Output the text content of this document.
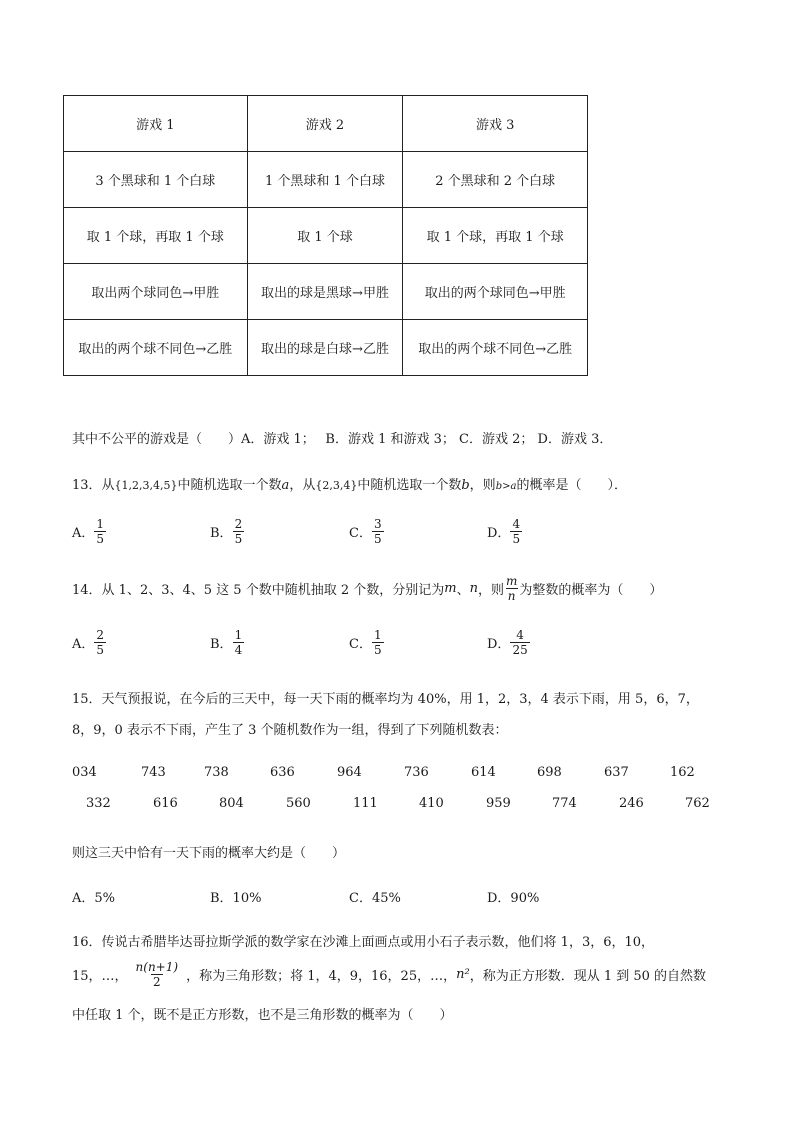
游戏 1	游戏 2	游戏 3
3 个黑球和 1 个白球	1 个黑球和 1 个白球	2 个黑球和 2 个白球
取 1 个球，再取 1 个球	取 1 个球	取 1 个球，再取 1 个球
取出两个球同色→甲胜	取出的球是黑球→甲胜	取出的两个球同色→甲胜
取出的两个球不同色→乙胜	取出的球是白球→乙胜	取出的两个球不同色→乙胜
其中不公平的游戏是（　　）A．游戏 1；　 B．游戏 1 和游戏 3； C．游戏 2； D．游戏 3．
13．从{1,2,3,4,5}中随机选取一个数a，从{2,3,4}中随机选取一个数b，则b>a的概率是（　　）．
A． $\frac{1}{5}$	B． $\frac{2}{5}$	C． $\frac{3}{5}$	D． $\frac{4}{5}$
14．从 1、2、3、4、5 这 5 个数中随机抽取 2 个数，分别记为 m 、 n ，则 $\frac{m}{n}$ 为整数的概率为（　　）
A． $\frac{2}{5}$	B． $\frac{1}{4}$	C． $\frac{1}{5}$	D． $\frac{4}{25}$
15．天气预报说，在今后的三天中，每一天下雨的概率均为 40%，用 1，2，3，4 表示下雨，用 5，6，7，
8，9，0 表示不下雨，产生了 3 个随机数作为一组，得到了下列随机数表：
034	743	738	636	964	736	614	698	637	162
332	616	804	560	111	410	959	774	246	762
则这三天中恰有一天下雨的概率大约是（　　）
A．5%	B．10%	C．45%	D．90%
16．传说古希腊毕达哥拉斯学派的数学家在沙滩上面画点或用小石子表示数，他们将 1，3，6，10，
15，…， $\frac{n(n+1)}{2}$ ，称为三角形数；将 1，4，9，16，25，…， n² ，称为正方形数．现从 1 到 50 的自然数
中任取 1 个，既不是正方形数，也不是三角形数的概率为（　　）
